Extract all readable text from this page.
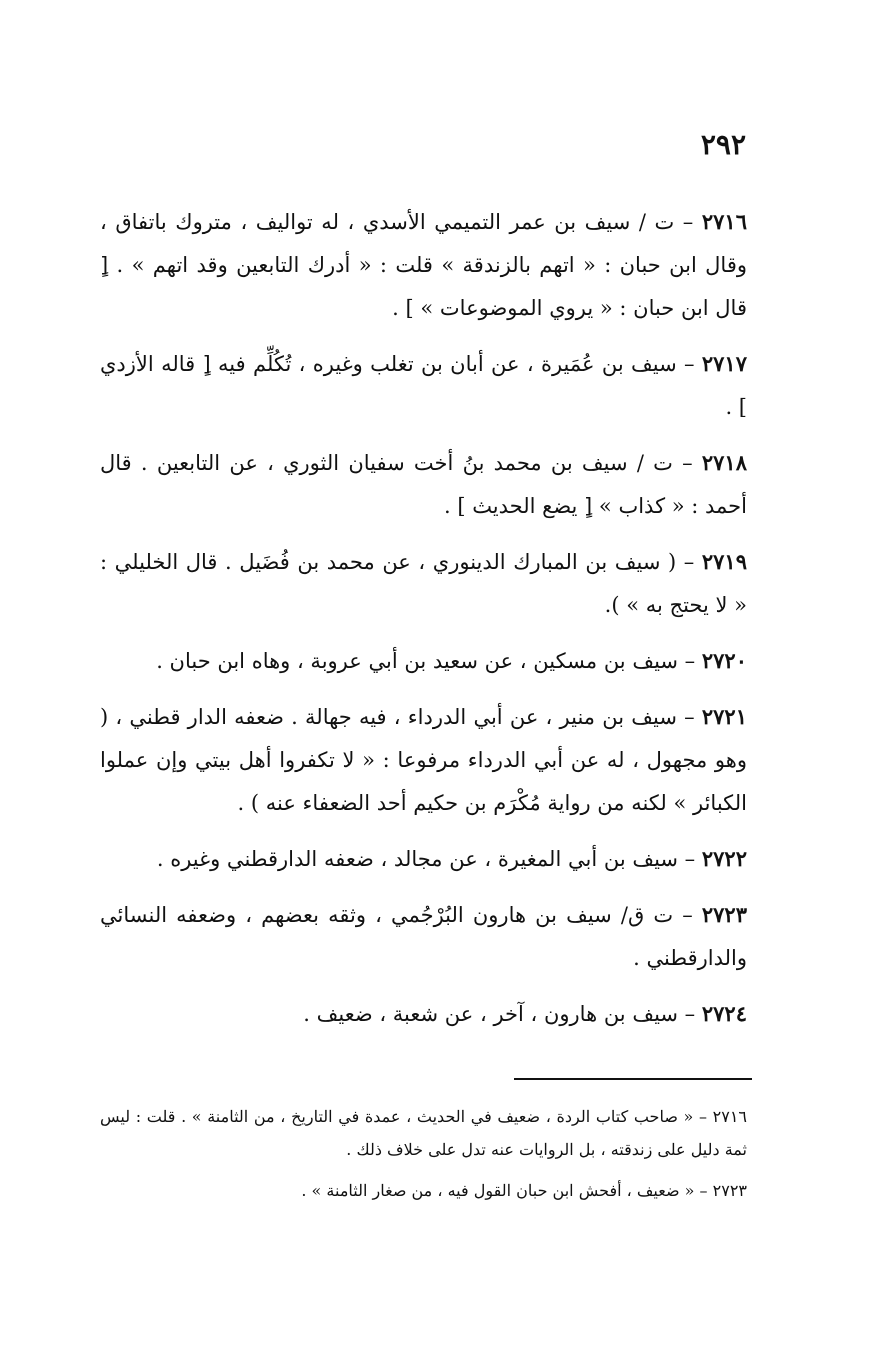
٢٩٢

٢٧١٦ – ت / سيف بن عمر التميمي الأسدي ، له تواليف ، متروك باتفاق ، وقال ابن حبان : « اتهم بالزندقة » قلت : « أدرك التابعين وقد اتهم » . [ٍ قال ابن حبان : « يروي الموضوعات » ] .

٢٧١٧ – سيف بن عُمَيرة ، عن أبان بن تغلب وغيره ، تُكُلِّم فيه [ٍ قاله الأزدي ] .

٢٧١٨ – ت / سيف بن محمد بنُ أخت سفيان الثوري ، عن التابعين . قال أحمد : « كذاب » [ٍ يضع الحديث ] .

٢٧١٩ – ( سيف بن المبارك الدينوري ، عن محمد بن فُضَيل . قال الخليلي : « لا يحتج به » ).

٢٧٢٠ – سيف بن مسكين ، عن سعيد بن أبي عروبة ، وهاه ابن حبان .

٢٧٢١ – سيف بن منير ، عن أبي الدرداء ، فيه جهالة . ضعفه الدار قطني ، ( وهو مجهول ، له عن أبي الدرداء مرفوعا : « لا تكفروا أهل بيتي وإن عملوا الكبائر » لكنه من رواية مُكْرَم بن حكيم أحد الضعفاء عنه ) .

٢٧٢٢ – سيف بن أبي المغيرة ، عن مجالد ، ضعفه الدارقطني وغيره .

٢٧٢٣ – ت ق/ سيف بن هارون البُرْجُمي ، وثقه بعضهم ، وضعفه النسائي والدارقطني .

٢٧٢٤ – سيف بن هارون ، آخر ، عن شعبة ، ضعيف .

٢٧١٦ – « صاحب كتاب الردة ، ضعيف في الحديث ، عمدة في التاريخ ، من الثامنة » . قلت : ليس ثمة دليل على زندقته ، بل الروايات عنه تدل على خلاف ذلك .

٢٧٢٣ – « ضعيف ، أفحش ابن حبان القول فيه ، من صغار الثامنة » .
